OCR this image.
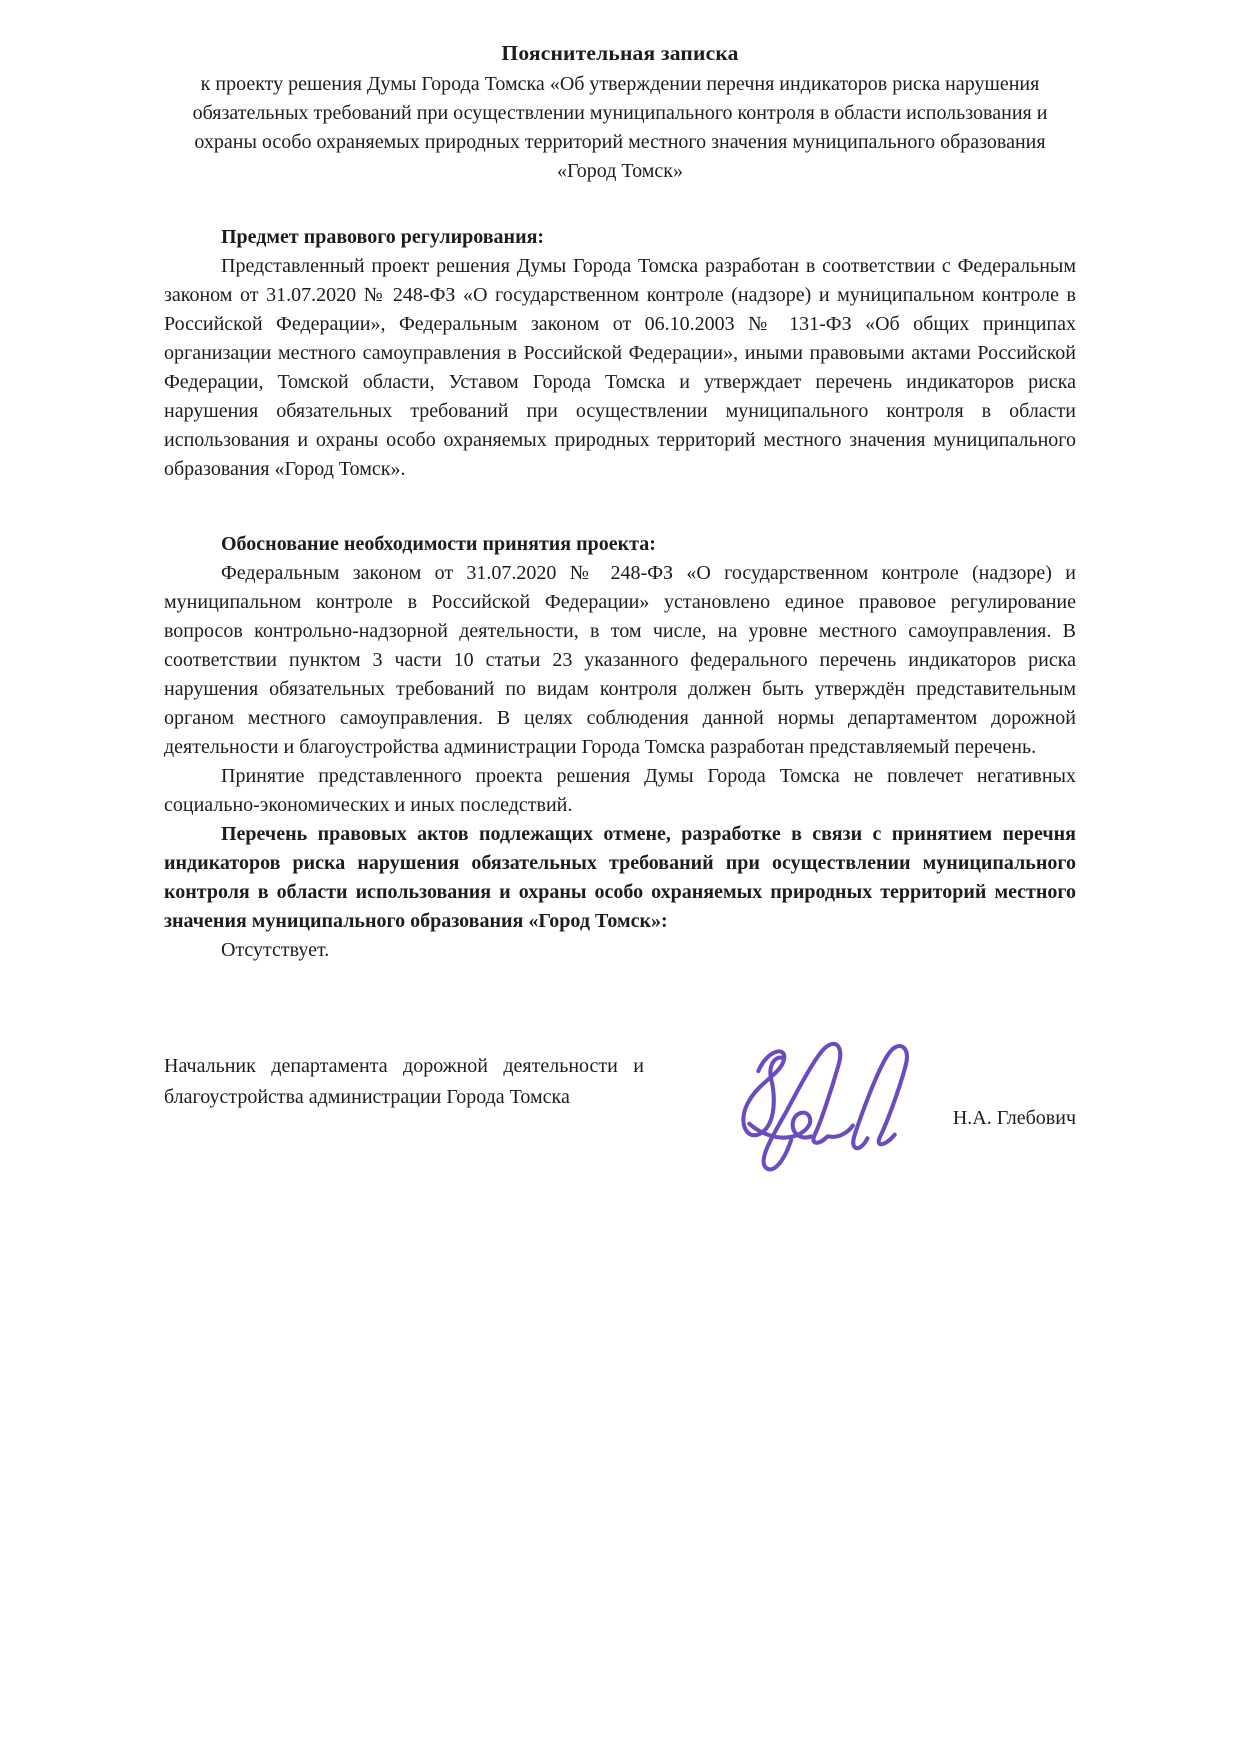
Пояснительная записка
к проекту решения Думы Города Томска «Об утверждении перечня индикаторов риска нарушения обязательных требований при осуществлении муниципального контроля в области использования и охраны особо охраняемых природных территорий местного значения муниципального образования «Город Томск»
Предмет правового регулирования:

Представленный проект решения Думы Города Томска разработан в соответствии с Федеральным законом от 31.07.2020 № 248-ФЗ «О государственном контроле (надзоре) и муниципальном контроле в Российской Федерации», Федеральным законом от 06.10.2003 № 131-ФЗ «Об общих принципах организации местного самоуправления в Российской Федерации», иными правовыми актами Российской Федерации, Томской области, Уставом Города Томска и утверждает перечень индикаторов риска нарушения обязательных требований при осуществлении муниципального контроля в области использования и охраны особо охраняемых природных территорий местного значения муниципального образования «Город Томск».

Обоснование необходимости принятия проекта:

Федеральным законом от 31.07.2020 № 248-ФЗ «О государственном контроле (надзоре) и муниципальном контроле в Российской Федерации» установлено единое правовое регулирование вопросов контрольно-надзорной деятельности, в том числе, на уровне местного самоуправления. В соответствии пунктом 3 части 10 статьи 23 указанного федерального перечень индикаторов риска нарушения обязательных требований по видам контроля должен быть утверждён представительным органом местного самоуправления. В целях соблюдения данной нормы департаментом дорожной деятельности и благоустройства администрации Города Томска разработан представляемый перечень.

Принятие представленного проекта решения Думы Города Томска не повлечет негативных социально-экономических и иных последствий.

Перечень правовых актов подлежащих отмене, разработке в связи с принятием перечня индикаторов риска нарушения обязательных требований при осуществлении муниципального контроля в области использования и охраны особо охраняемых природных территорий местного значения муниципального образования «Город Томск»:

Отсутствует.

Начальник департамента дорожной деятельности и благоустройства администрации Города Томска
Н.А. Глебович
